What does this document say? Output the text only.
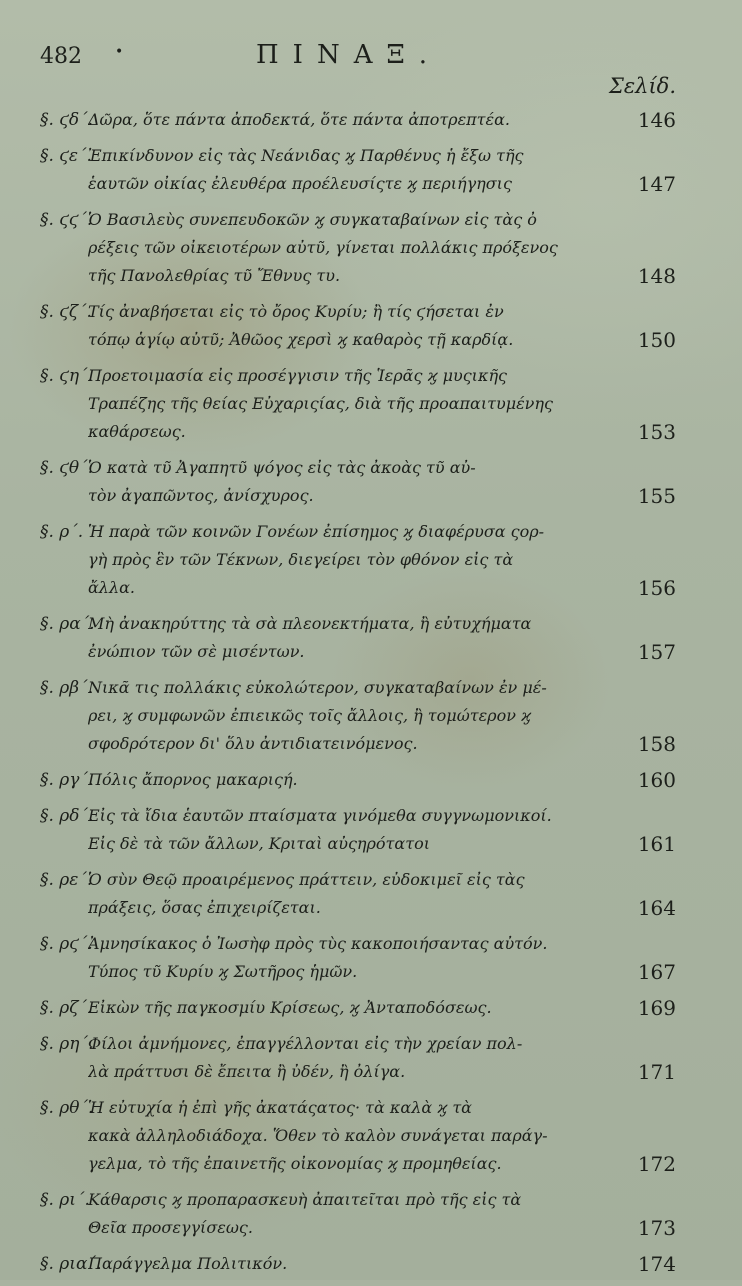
482 •	ΠΙΝΑΞ.
Σελίδ.
§. ϛδ΄.
Δῶρα, ὅτε πάντα ἀποδεκτά, ὅτε πάντα ἀποτρεπτέα.	146
§. ϛε΄.
Ἐπικίνδυνον εἰς τὰς Νεάνιδας ϗ Παρθένυς ἡ ἔξω τῆς
ἑαυτῶν οἰκίας ἐλευθέρα προέλευσίςτε ϗ περιήγησις	147
§. ϛϛ΄.
Ὁ Βασιλεὺς συνεπευδοκῶν ϗ συγκαταβαίνων εἰς τὰς ὀ
ρέξεις τῶν οἰκειοτέρων αὐτῦ, γίνεται πολλάκις πρόξενος
τῆς Πανολεθρίας τῦ Ἔθνυς τυ.	148
§. ϛζ΄.
Τίς ἀναβήσεται εἰς τὸ ὄρος Κυρίυ; ἢ τίς ϛήσεται ἐν
τόπῳ ἁγίῳ αὐτῦ; Ἀθῶος χερσὶ ϗ καθαρὸς τῇ καρδίᾳ.	150
§. ϛη΄.
Προετοιμασία εἰς προσέγγισιν τῆς Ἱερᾶς ϗ μυςικῆς
Τραπέζης τῆς θείας Εὐχαριςίας, διὰ τῆς προαπαιτυμένης
καθάρσεως.	153
§. ϛθ΄.
Ὁ κατὰ τῦ Ἀγαπητῦ ψόγος εἰς τὰς ἀκοὰς τῦ αὐ-
τὸν ἀγαπῶντος, ἀνίσχυρος.	155
§. ρ΄. Ἡ παρὰ τῶν κοινῶν Γονέων ἐπίσημος ϗ διαφέρυσα ςορ-
γὴ πρὸς ἓν τῶν Τέκνων, διεγείρει τὸν φθόνον εἰς τὰ
ἄλλα.	156
§. ρα΄.
Μὴ ἀνακηρύττης τὰ σὰ πλεονεκτήματα, ἢ εὐτυχήματα
ἐνώπιον τῶν σὲ μισέντων.	157
§. ρβ΄.
Νικᾶ τις πολλάκις εὐκολώτερον, συγκαταβαίνων ἐν μέ-
ρει, ϗ συμφωνῶν ἐπιεικῶς τοῖς ἄλλοις, ἢ τομώτερον ϗ
σφοδρότερον δι' ὅλυ ἀντιδιατεινόμενος.	158
§. ργ΄.
Πόλις ἄπορνος μακαριςή.	160
§. ρδ΄.
Εἰς τὰ ἴδια ἑαυτῶν πταίσματα γινόμεθα συγγνωμονικοί.
Εἰς δὲ τὰ τῶν ἄλλων, Κριταὶ αὐςηρότατοι	161
§. ρε΄.
Ὁ σὺν Θεῷ προαιρέμενος πράττειν, εὐδοκιμεῖ εἰς τὰς
πράξεις, ὅσας ἐπιχειρίζεται.	164
§. ρϛ΄.
Ἀμνησίκακος ὁ Ἰωσὴφ πρὸς τὺς κακοποιήσαντας αὐτόν.
Τύπος τῦ Κυρίυ ϗ Σωτῆρος ἡμῶν.	167
§. ρζ΄.
Εἰκὼν τῆς παγκοσμίυ Κρίσεως, ϗ Ἀνταποδόσεως.	169
§. ρη΄.
Φίλοι ἀμνήμονες, ἐπαγγέλλονται εἰς τὴν χρείαν πολ-
λὰ πράττυσι δὲ ἔπειτα ἢ ὐδέν, ἢ ὀλίγα.	171
§. ρθ΄.
Ἡ εὐτυχία ἡ ἐπὶ γῆς ἀκατάςατος· τὰ καλὰ ϗ τὰ
κακὰ ἀλληλοδιάδοχα. Ὅθεν τὸ καλὸν συνάγεται παράγ-
γελμα, τὸ τῆς ἐπαινετῆς οἰκονομίας ϗ προμηθείας.	172
§. ρι΄.
Κάθαρσις ϗ προπαρασκευὴ ἀπαιτεῖται πρὸ τῆς εἰς τὰ
Θεῖα προσεγγίσεως.	173
§. ρια΄.
Παράγγελμα Πολιτικόν.	174
